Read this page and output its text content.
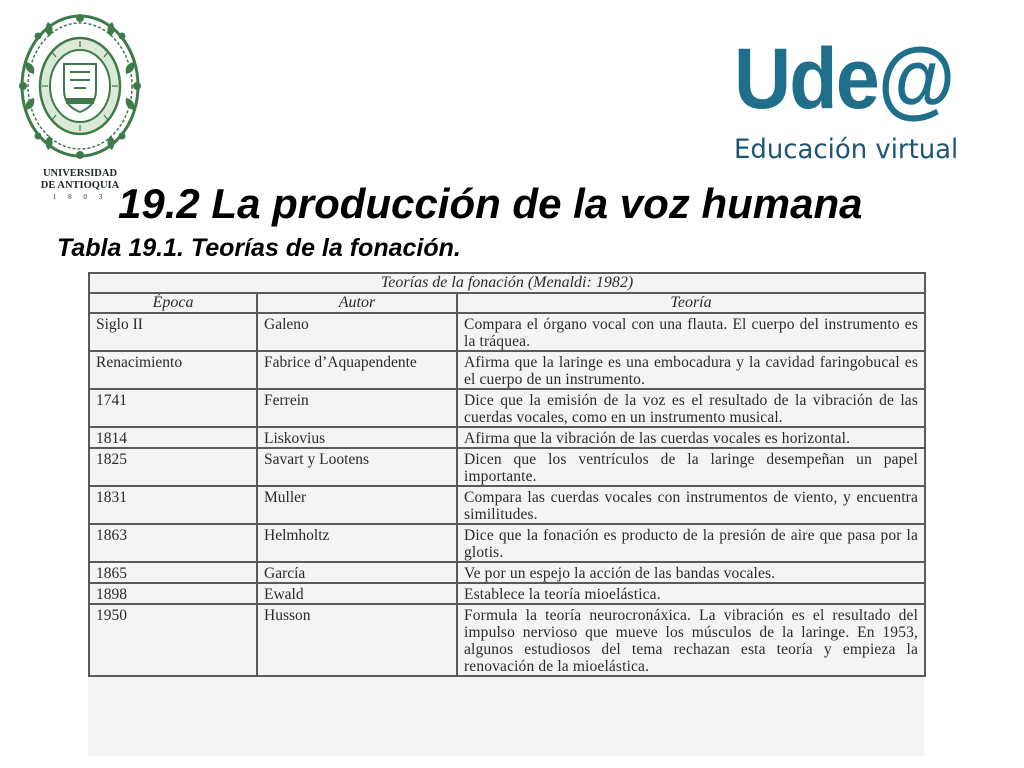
UNIVERSIDAD
DE ANTIOQUIA
1 8 0 3
Ude@
Educación virtual
19.2 La producción de la voz humana
Tabla 19.1. Teorías de la fonación.
Teorías de la fonación (Menaldi: 1982)		
Época	Autor	Teoría
Siglo II	Galeno	Compara el órgano vocal con una flauta. El cuerpo del instrumento es la tráquea.
Renacimiento	Fabrice d’Aquapendente	Afirma que la laringe es una embocadura y la cavidad faringobucal es el cuerpo de un instrumento.
1741	Ferrein	Dice que la emisión de la voz es el resultado de la vibración de las cuerdas vocales, como en un instrumento musical.
1814	Liskovius	Afirma que la vibración de las cuerdas vocales es horizontal.
1825	Savart y Lootens	Dicen que los ventrículos de la laringe desempeñan un papel importante.
1831	Muller	Compara las cuerdas vocales con instrumentos de viento, y encuentra similitudes.
1863	Helmholtz	Dice que la fonación es producto de la presión de aire que pasa por la glotis.
1865	García	Ve por un espejo la acción de las bandas vocales.
1898	Ewald	Establece la teoría mioelástica.
1950	Husson	Formula la teoría neurocronáxica. La vibración es el resultado del impulso nervioso que mueve los músculos de la laringe. En 1953, algunos estudiosos del tema rechazan esta teoría y empieza la renovación de la mioelástica.
